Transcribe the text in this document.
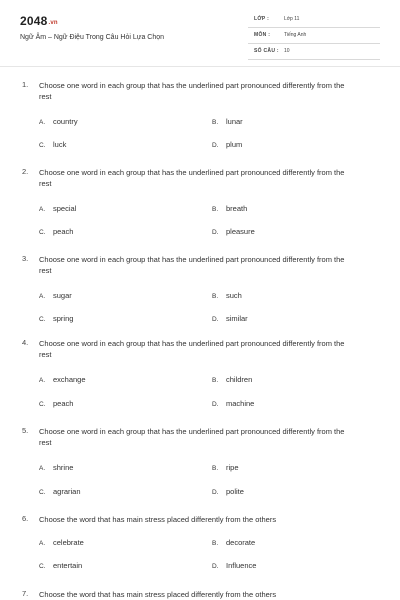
2048.vn
Ngữ Âm – Ngữ Điệu Trong Câu Hỏi Lựa Chọn
LỚP :	Lớp 11
MÔN :	Tiếng Anh
SỐ CÂU : 10
1. Choose one word in each group that has the underlined part pronounced differently from the rest
A. country	B. lunar
C. luck	D. plum
2. Choose one word in each group that has the underlined part pronounced differently from the rest
A. special	B. breath
C. peach	D. pleasure
3. Choose one word in each group that has the underlined part pronounced differently from the rest
A. sugar	B. such
C. spring	D. similar
4. Choose one word in each group that has the underlined part pronounced differently from the rest
A. exchange	B. children
C. peach	D. machine
5. Choose one word in each group that has the underlined part pronounced differently from the rest
A. shrine	B. ripe
C. agrarian	D. polite
6. Choose the word that has main stress placed differently from the others
A. celebrate	B. decorate
C. entertain	D. Influence
7. Choose the word that has main stress placed differently from the others
